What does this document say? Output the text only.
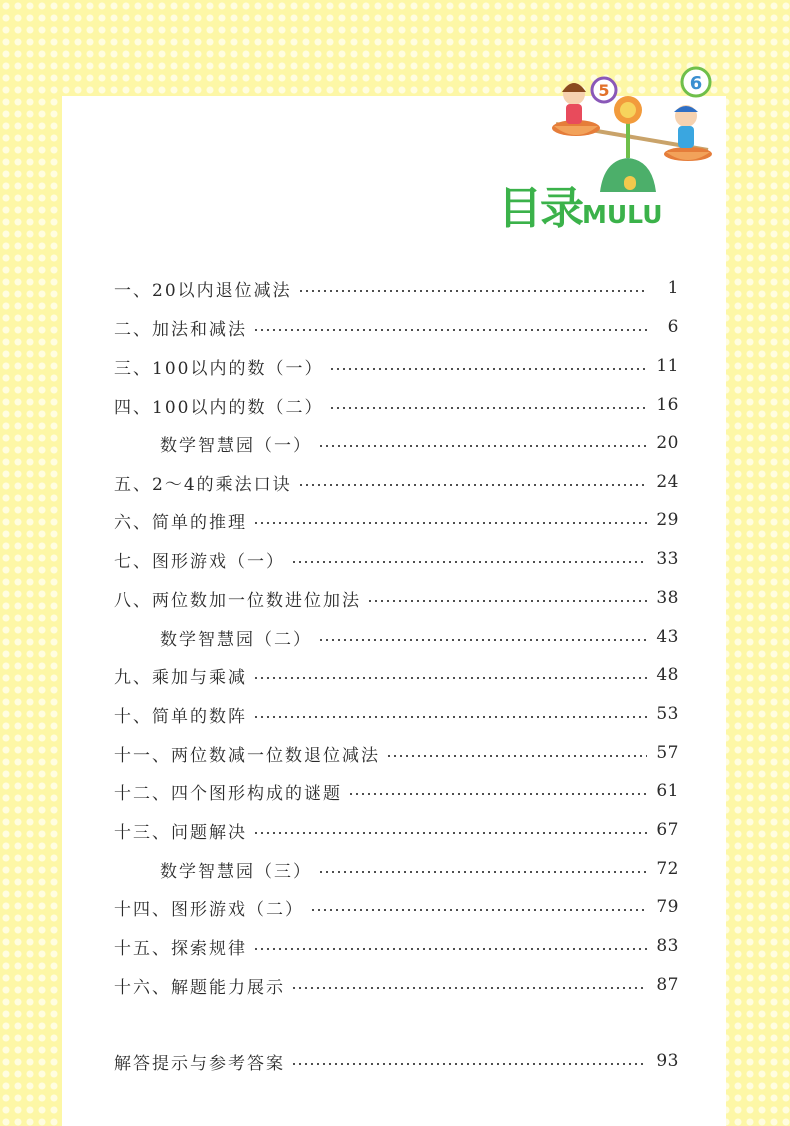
5	6
目录MULU
一、20以内退位减法	1
二、加法和减法	6
三、100以内的数（一）	11
四、100以内的数（二）	16
数学智慧园（一）	20
五、2～4的乘法口诀	24
六、简单的推理	29
七、图形游戏（一）	33
八、两位数加一位数进位加法	38
数学智慧园（二）	43
九、乘加与乘减	48
十、简单的数阵	53
十一、两位数减一位数退位减法	57
十二、四个图形构成的谜题	61
十三、问题解决	67
数学智慧园（三）	72
十四、图形游戏（二）	79
十五、探索规律	83
十六、解题能力展示	87
解答提示与参考答案	93
